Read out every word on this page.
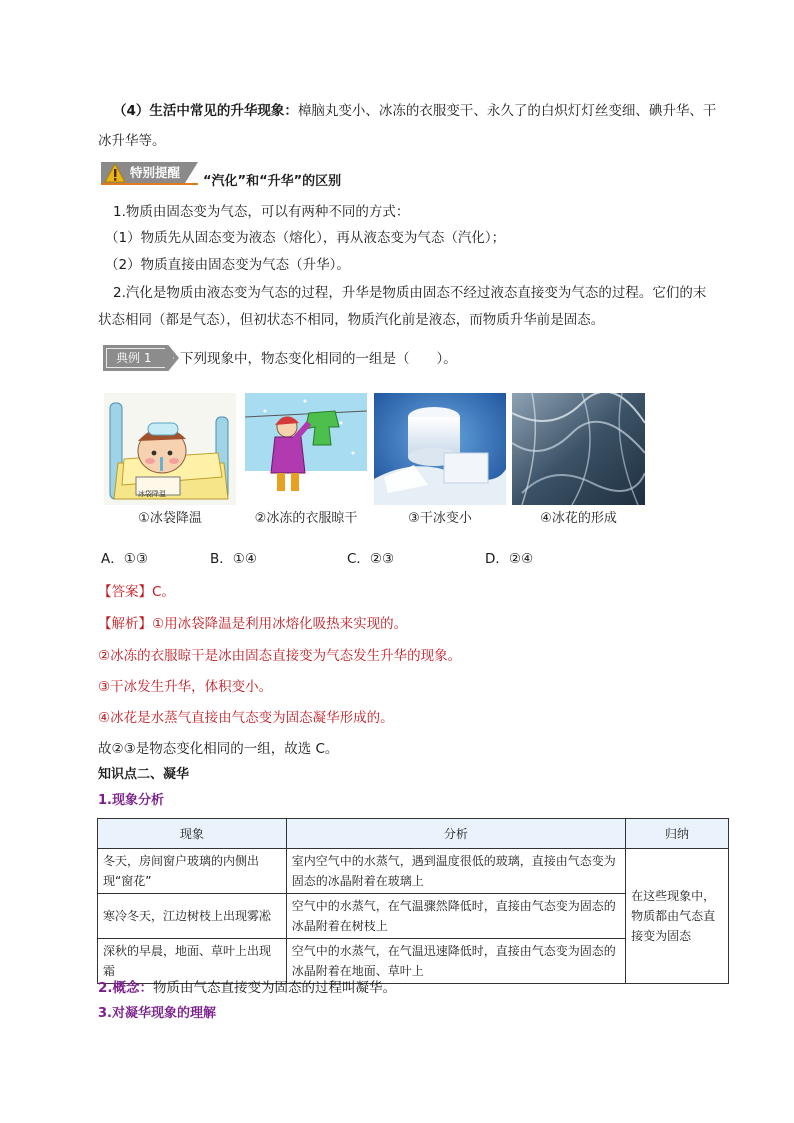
（4）生活中常见的升华现象：樟脑丸变小、冰冻的衣服变干、永久了的白炽灯灯丝变细、碘升华、干
冰升华等。
特别提醒
“汽化”和“升华”的区别
1.物质由固态变为气态，可以有两种不同的方式：
（1）物质先从固态变为液态（熔化），再从液态变为气态（汽化）；
（2）物质直接由固态变为气态（升华）。
2.汽化是物质由液态变为气态的过程，升华是物质由固态不经过液态直接变为气态的过程。它们的末
状态相同（都是气态），但初状态不相同，物质汽化前是液态，而物质升华前是固态。
典例 1 下列现象中，物态变化相同的一组是（　　）。
冰袋降温
①冰袋降温	②冰冻的衣服晾干	③干冰变小	④冰花的形成
A．①③	B．①④	C．②③	D．②④
【答案】C。
【解析】①用冰袋降温是利用冰熔化吸热来实现的。
②冰冻的衣服晾干是冰由固态直接变为气态发生升华的现象。
③干冰发生升华，体积变小。
④冰花是水蒸气直接由气态变为固态凝华形成的。
故②③是物态变化相同的一组，故选 C。
知识点二、凝华
1.现象分析
现象	分析	归纳
冬天，房间窗户玻璃的内侧出现“窗花”	室内空气中的水蒸气，遇到温度很低的玻璃，直接由气态变为固态的冰晶附着在玻璃上	在这些现象中，物质都由气态直接变为固态
寒冷冬天，江边树枝上出现雾凇	空气中的水蒸气，在气温骤然降低时，直接由气态变为固态的冰晶附着在树枝上	
深秋的早晨，地面、草叶上出现霜	空气中的水蒸气，在气温迅速降低时，直接由气态变为固态的冰晶附着在地面、草叶上	
2.概念：物质由气态直接变为固态的过程叫凝华。
3.对凝华现象的理解
